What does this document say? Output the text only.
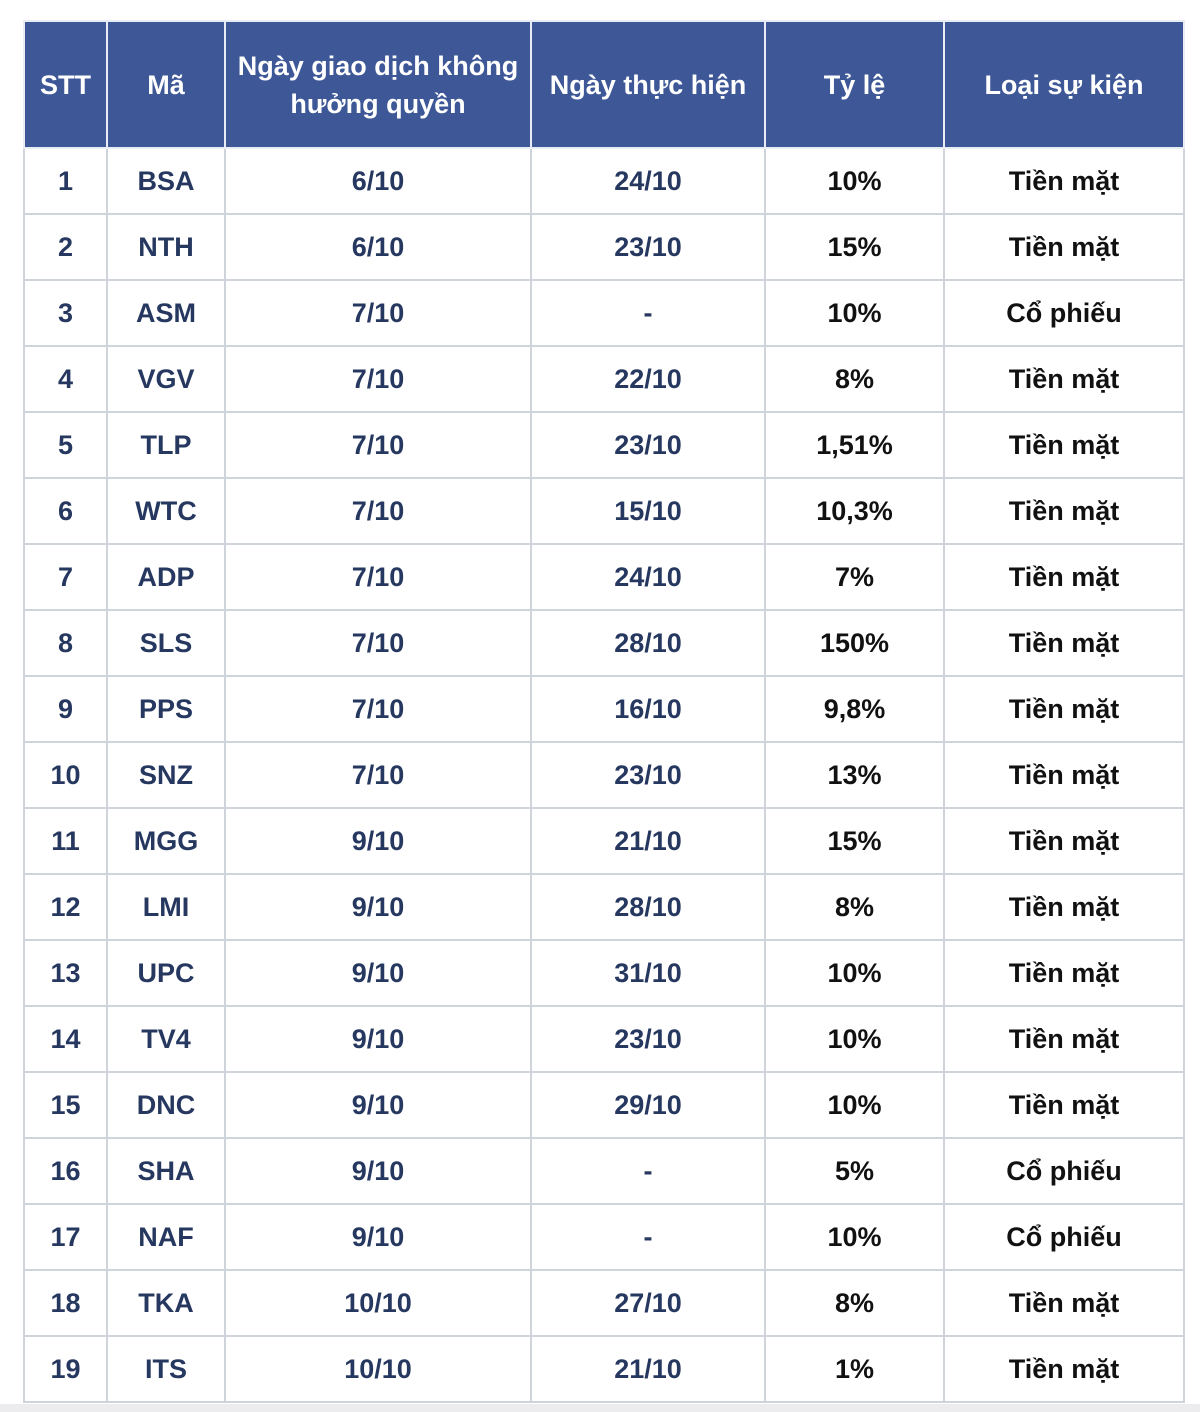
STT	Mã	Ngày giao dịch không hưởng quyền	Ngày thực hiện	Tỷ lệ	Loại sự kiện
1	BSA	6/10	24/10	10%	Tiền mặt
2	NTH	6/10	23/10	15%	Tiền mặt
3	ASM	7/10	-	10%	Cổ phiếu
4	VGV	7/10	22/10	8%	Tiền mặt
5	TLP	7/10	23/10	1,51%	Tiền mặt
6	WTC	7/10	15/10	10,3%	Tiền mặt
7	ADP	7/10	24/10	7%	Tiền mặt
8	SLS	7/10	28/10	150%	Tiền mặt
9	PPS	7/10	16/10	9,8%	Tiền mặt
10	SNZ	7/10	23/10	13%	Tiền mặt
11	MGG	9/10	21/10	15%	Tiền mặt
12	LMI	9/10	28/10	8%	Tiền mặt
13	UPC	9/10	31/10	10%	Tiền mặt
14	TV4	9/10	23/10	10%	Tiền mặt
15	DNC	9/10	29/10	10%	Tiền mặt
16	SHA	9/10	-	5%	Cổ phiếu
17	NAF	9/10	-	10%	Cổ phiếu
18	TKA	10/10	27/10	8%	Tiền mặt
19	ITS	10/10	21/10	1%	Tiền mặt
